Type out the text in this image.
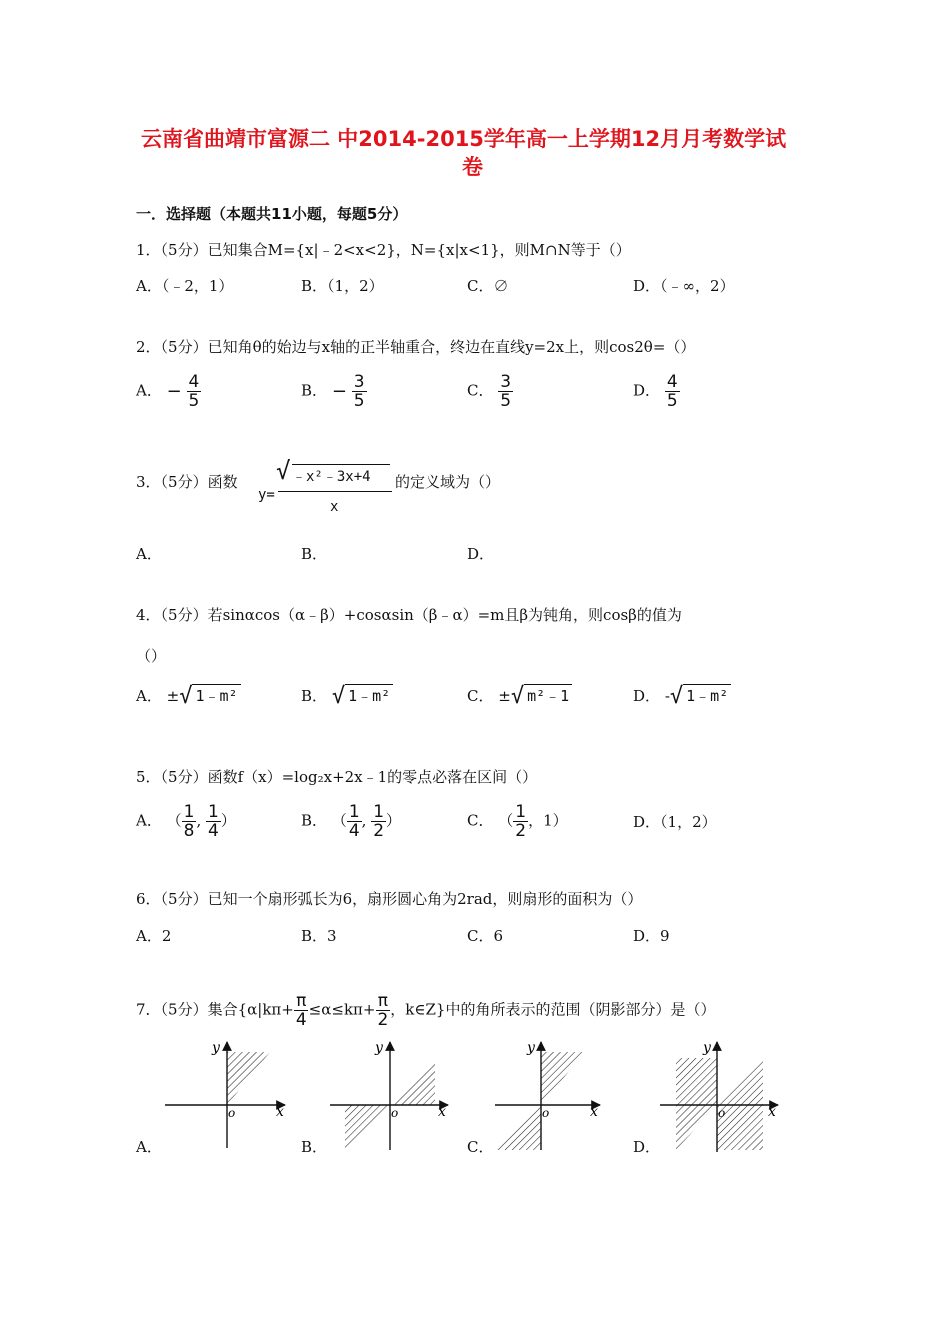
云南省曲靖市富源二 中2014-2015学年高一上学期12月月考数学试
卷
一．选择题（本题共11小题，每题5分）
1．（5分）已知集合M={x|﹣2<x<2}，N={x|x<1}，则M∩N等于（）
A．（﹣2，1）	B．（1，2）	C．∅	D．（﹣∞，2）
2．（5分）已知角θ的始边与x轴的正半轴重合，终边在直线y=2x上，则cos2θ=（）
A． − $\frac{4}{5}$	B． − $\frac{3}{5}$	C． $\frac{3}{5}$	D． $\frac{4}{5}$
3．（5分）函数
y=
√ ﹣x²﹣3x+4
x
的定义域为（）
A．	B．	D．
4．（5分）若sinαcos（α﹣β）+cosαsin（β﹣α）=m且β为钝角，则cosβ的值为
（）
A． ±√ 1﹣m²	B． √ 1﹣m²	C． ±√ m²﹣1	D． -√ 1﹣m²
5．（5分）函数f（x）=log₂x+2x﹣1的零点必落在区间（）
A． （ $\frac{1}{8}$ , $\frac{1}{4}$ ）	B． （ $\frac{1}{4}$ , $\frac{1}{2}$ ）	C． （ $\frac{1}{2}$ ，1）	D．（1，2）
6．（5分）已知一个扇形弧长为6，扇形圆心角为2rad，则扇形的面积为（）
A．2	B．3	C．6	D．9
7．（5分）集合{$\alpha|k\pi+ \frac{\pi}{4} \le\alpha\le k\pi+ \frac{\pi}{2}$ ，k∈Z}中的角所表示的范围（阴影部分）是（）
x
y
o	x
y
o	x
y
o	x
y
o
A．	B．	C．	D．
